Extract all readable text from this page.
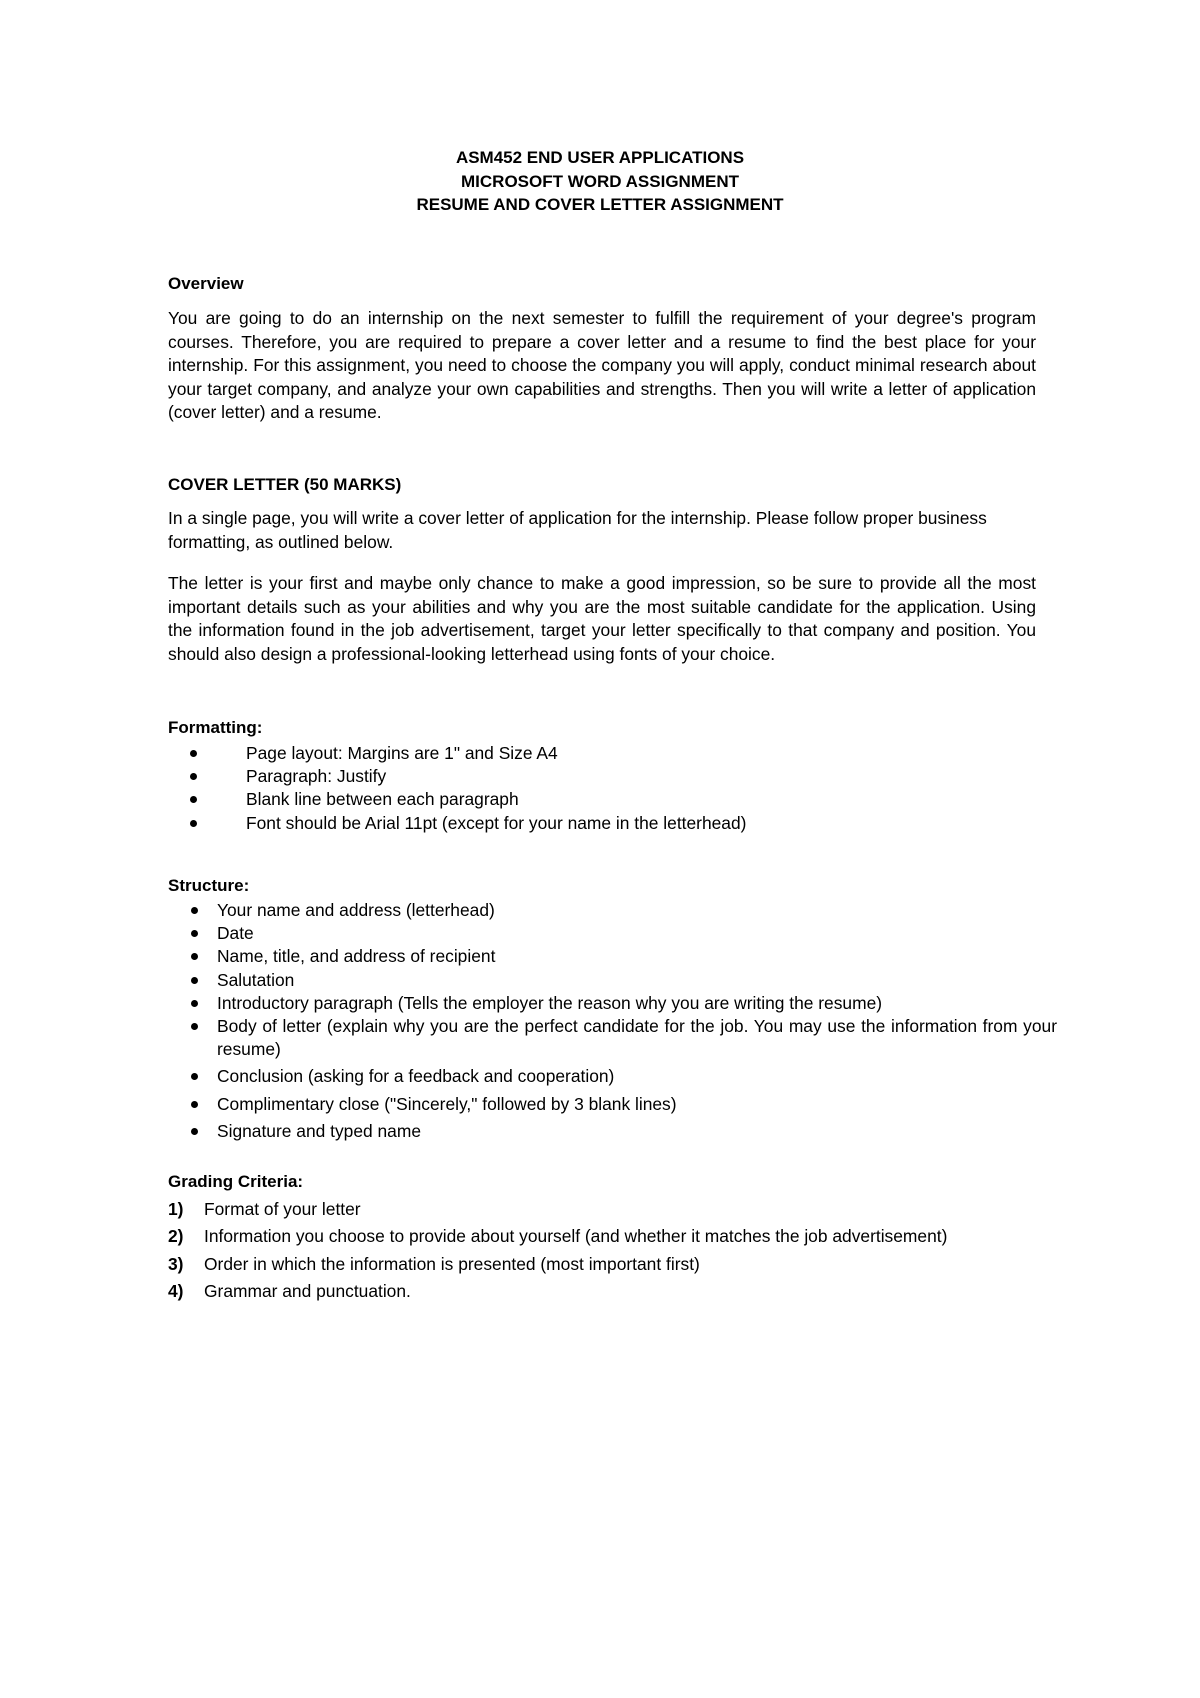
ASM452 END USER APPLICATIONS
MICROSOFT WORD ASSIGNMENT
RESUME AND COVER LETTER ASSIGNMENT

Overview

You are going to do an internship on the next semester to fulfill the requirement of your degree's program courses. Therefore, you are required to prepare a cover letter and a resume to find the best place for your internship. For this assignment, you need to choose the company you will apply, conduct minimal research about your target company, and analyze your own capabilities and strengths. Then you will write a letter of application (cover letter) and a resume.

COVER LETTER (50 MARKS)

In a single page, you will write a cover letter of application for the internship. Please follow proper business formatting, as outlined below.

The letter is your first and maybe only chance to make a good impression, so be sure to provide all the most important details such as your abilities and why you are the most suitable candidate for the application. Using the information found in the job advertisement, target your letter specifically to that company and position. You should also design a professional-looking letterhead using fonts of your choice.

Formatting:

Page layout: Margins are 1" and Size A4
Paragraph: Justify
Blank line between each paragraph
Font should be Arial 11pt (except for your name in the letterhead)

Structure:

Your name and address (letterhead)
Date
Name, title, and address of recipient
Salutation
Introductory paragraph (Tells the employer the reason why you are writing the resume)
Body of letter (explain why you are the perfect candidate for the job. You may use the information from your resume)
Conclusion (asking for a feedback and cooperation)
Complimentary close ("Sincerely," followed by 3 blank lines)
Signature and typed name

Grading Criteria:

1) Format of your letter
2) Information you choose to provide about yourself (and whether it matches the job advertisement)
3) Order in which the information is presented (most important first)
4) Grammar and punctuation.
